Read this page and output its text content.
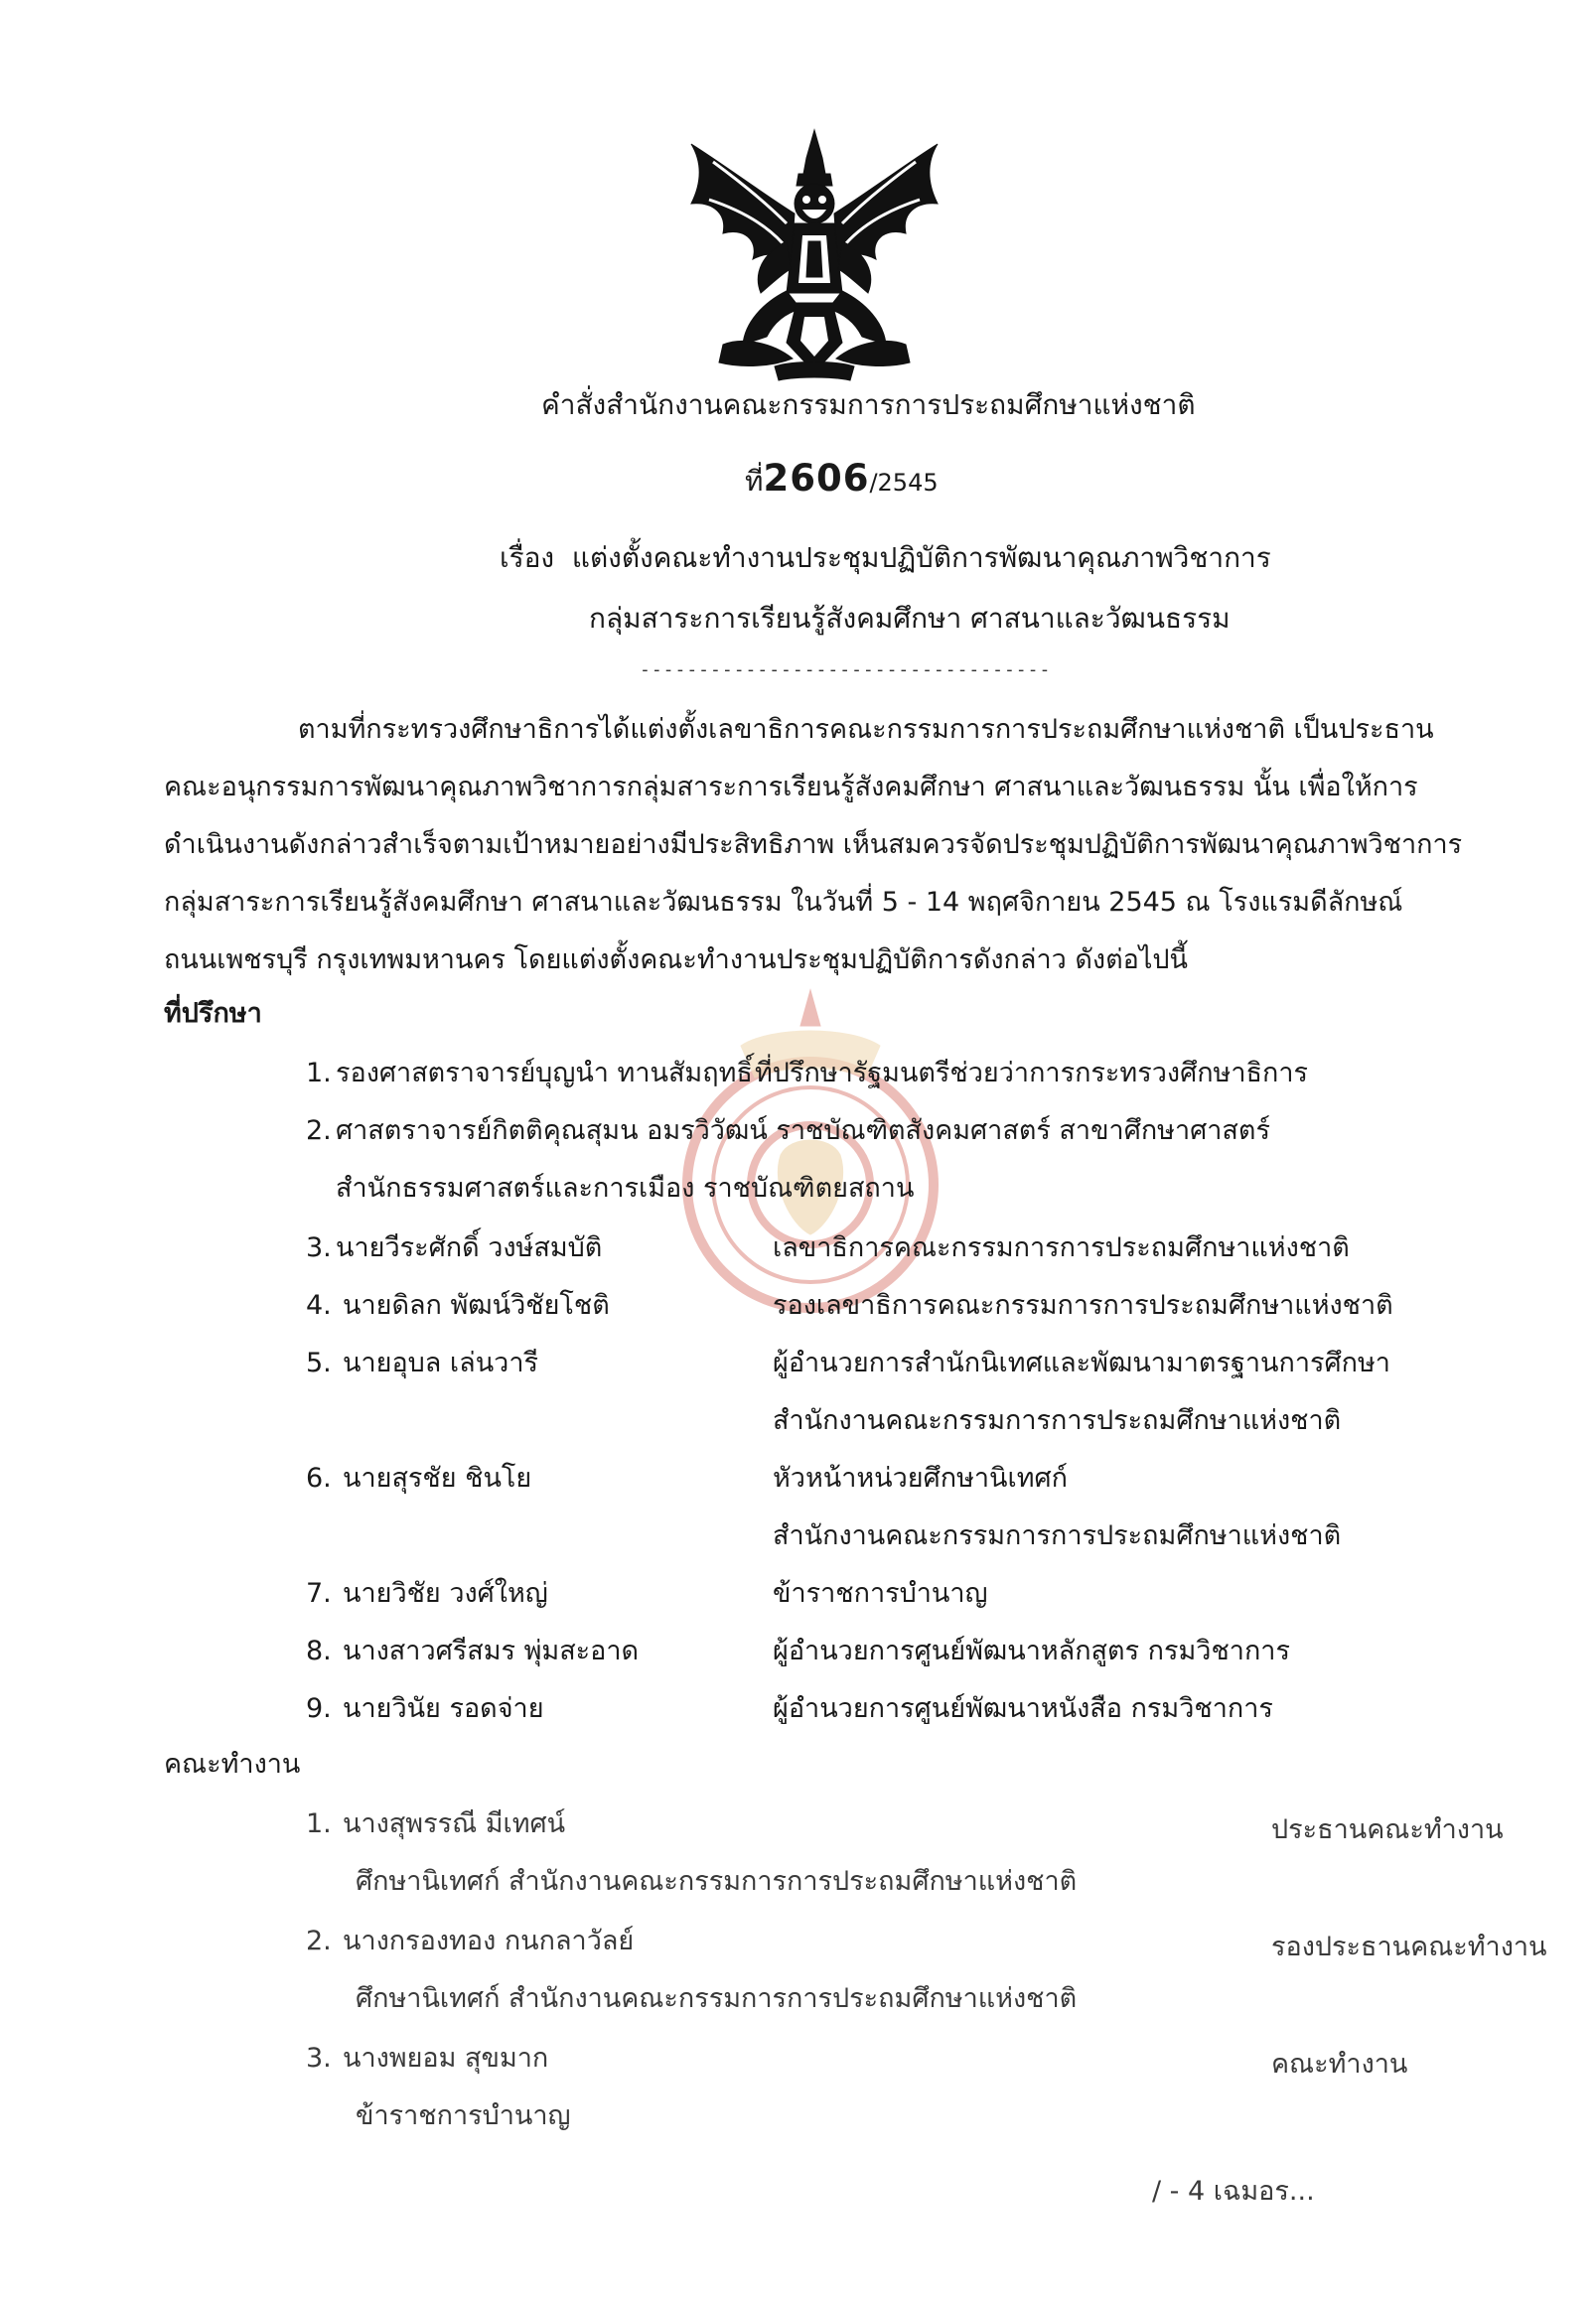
คำสั่งสำนักงานคณะกรรมการการประถมศึกษาแห่งชาติ
ที่2606/2545
เรื่อง แต่งตั้งคณะทำงานประชุมปฏิบัติการพัฒนาคุณภาพวิชาการ
กลุ่มสาระการเรียนรู้สังคมศึกษา ศาสนาและวัฒนธรรม
-----------------------------------
ตามที่กระทรวงศึกษาธิการได้แต่งตั้งเลขาธิการคณะกรรมการการประถมศึกษาแห่งชาติ เป็นประธาน
คณะอนุกรรมการพัฒนาคุณภาพวิชาการกลุ่มสาระการเรียนรู้สังคมศึกษา ศาสนาและวัฒนธรรม นั้น เพื่อให้การ
ดำเนินงานดังกล่าวสำเร็จตามเป้าหมายอย่างมีประสิทธิภาพ เห็นสมควรจัดประชุมปฏิบัติการพัฒนาคุณภาพวิชาการ
กลุ่มสาระการเรียนรู้สังคมศึกษา ศาสนาและวัฒนธรรม ในวันที่ 5 - 14 พฤศจิกายน 2545 ณ โรงแรมดีลักษณ์
ถนนเพชรบุรี กรุงเทพมหานคร โดยแต่งตั้งคณะทำงานประชุมปฏิบัติการดังกล่าว ดังต่อไปนี้
ที่ปรึกษา
1. รองศาสตราจารย์บุญนำ ทานสัมฤทธิ์ ที่ปรึกษารัฐมนตรีช่วยว่าการกระทรวงศึกษาธิการ
2. ศาสตราจารย์กิตติคุณสุมน อมรวิวัฒน์ ราชบัณฑิตสังคมศาสตร์ สาขาศึกษาศาสตร์
สำนักธรรมศาสตร์และการเมือง ราชบัณฑิตยสถาน
3. นายวีระศักดิ์ วงษ์สมบัติ	เลขาธิการคณะกรรมการการประถมศึกษาแห่งชาติ
4. นายดิลก พัฒน์วิชัยโชติ	รองเลขาธิการคณะกรรมการการประถมศึกษาแห่งชาติ
5. นายอุบล เล่นวารี	ผู้อำนวยการสำนักนิเทศและพัฒนามาตรฐานการศึกษา
สำนักงานคณะกรรมการการประถมศึกษาแห่งชาติ
6. นายสุรชัย ชินโย	หัวหน้าหน่วยศึกษานิเทศก์
สำนักงานคณะกรรมการการประถมศึกษาแห่งชาติ
7. นายวิชัย วงศ์ใหญ่	ข้าราชการบำนาญ
8. นางสาวศรีสมร พุ่มสะอาด	ผู้อำนวยการศูนย์พัฒนาหลักสูตร กรมวิชาการ
9. นายวินัย รอดจ่าย	ผู้อำนวยการศูนย์พัฒนาหนังสือ กรมวิชาการ
คณะทำงาน
1. นางสุพรรณี มีเทศน์	ประธานคณะทำงาน
ศึกษานิเทศก์ สำนักงานคณะกรรมการการประถมศึกษาแห่งชาติ
2. นางกรองทอง กนกลาวัลย์	รองประธานคณะทำงาน
ศึกษานิเทศก์ สำนักงานคณะกรรมการการประถมศึกษาแห่งชาติ
3. นางพยอม สุขมาก	คณะทำงาน
ข้าราชการบำนาญ
/ - 4 เฉมอร...
